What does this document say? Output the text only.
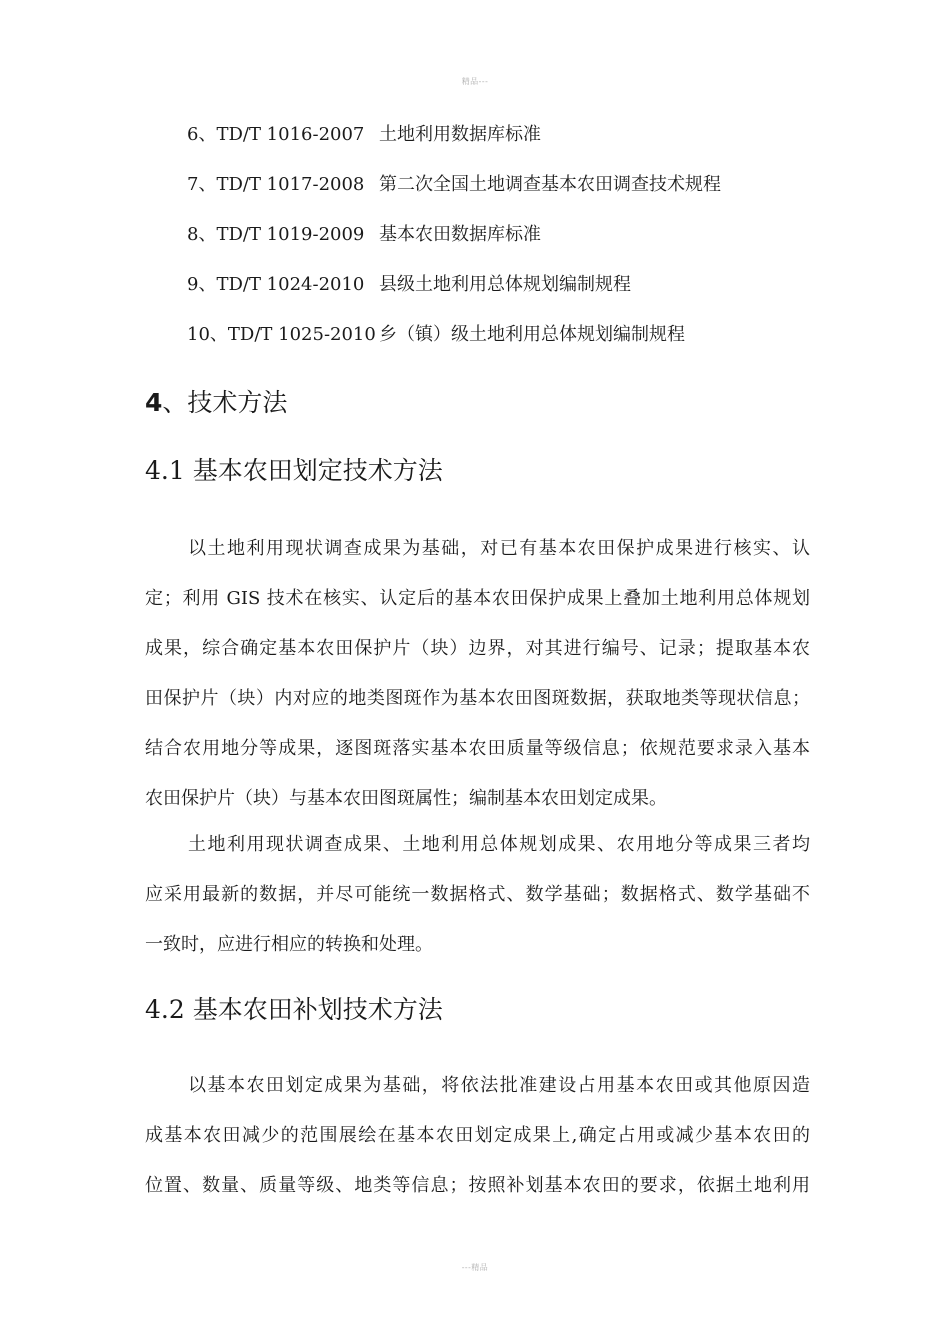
精品---
6、TD/T 1016-2007 土地利用数据库标准
7、TD/T 1017-2008 第二次全国土地调查基本农田调查技术规程
8、TD/T 1019-2009 基本农田数据库标准
9、TD/T 1024-2010 县级土地利用总体规划编制规程
10、TD/T 1025-2010 乡（镇）级土地利用总体规划编制规程
4、技术方法
4.1 基本农田划定技术方法
以土地利用现状调查成果为基础，对已有基本农田保护成果进行核实、认
定；利用 GIS 技术在核实、认定后的基本农田保护成果上叠加土地利用总体规划
成果，综合确定基本农田保护片（块）边界，对其进行编号、记录；提取基本农
田保护片（块）内对应的地类图斑作为基本农田图斑数据，获取地类等现状信息；
结合农用地分等成果，逐图斑落实基本农田质量等级信息；依规范要求录入基本
农田保护片（块）与基本农田图斑属性；编制基本农田划定成果。
土地利用现状调查成果、土地利用总体规划成果、农用地分等成果三者均
应采用最新的数据，并尽可能统一数据格式、数学基础；数据格式、数学基础不
一致时，应进行相应的转换和处理。
4.2 基本农田补划技术方法
以基本农田划定成果为基础，将依法批准建设占用基本农田或其他原因造
成基本农田减少的范围展绘在基本农田划定成果上,确定占用或减少基本农田的
位置、数量、质量等级、地类等信息；按照补划基本农田的要求，依据土地利用
---精品
